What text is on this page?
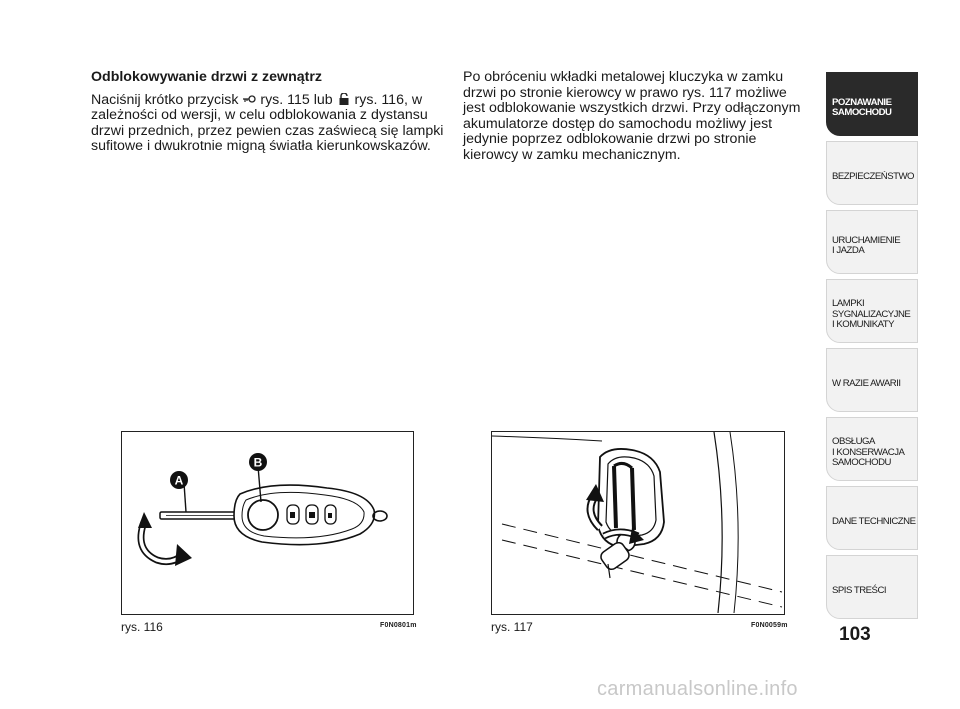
Odblokowywanie drzwi z zewnątrz

Naciśnij krótko przycisk rys. 115 lub rys. 116, w zależności od wersji, w celu odblokowania z dystansu drzwi przednich, przez pewien czas zaświecą się lampki sufitowe i dwukrotnie migną światła kierunkowskazów.

Po obróceniu wkładki metalowej kluczyka w zamku drzwi po stronie kierowcy w prawo rys. 117 możliwe jest odblokowanie wszystkich drzwi. Przy odłączonym akumulatorze dostęp do samochodu możliwy jest jedynie poprzez odblokowanie drzwi po stronie kierowcy w zamku mechanicznym.

A
B
rys. 116	F0N0801m	rys. 117	F0N0059m
POZNAWANIE
SAMOCHODU
BEZPIECZEŃSTWO
URUCHAMIENIE
I JAZDA
LAMPKI
SYGNALIZACYJNE
I KOMUNIKATY
W RAZIE AWARII
OBSŁUGA
I KONSERWACJA
SAMOCHODU
DANE TECHNICZNE
SPIS TREŚCI
103
carmanualsonline.info
